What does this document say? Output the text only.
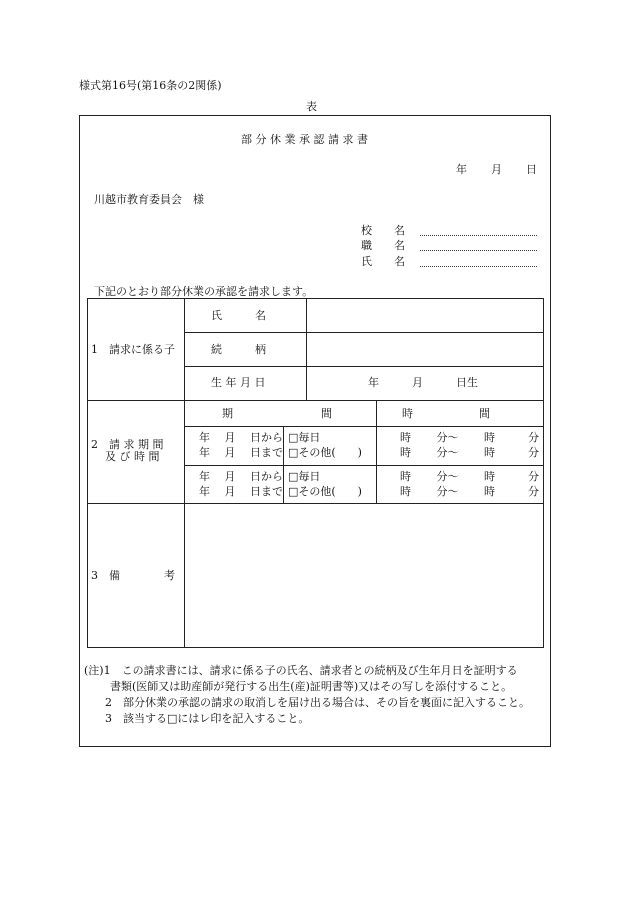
様式第16号(第16条の2関係)
表
部 分 休 業 承 認 請 求 書
年 月 日
川越市教育委員会　様
校　　名
職　　名
氏　　名
下記のとおり部分休業の承認を請求します。
1　請求に係る子
氏　　　名
続　　　柄
生 年 月 日	年　　　月　　　日生
2　請 求 期 間
及 び 時 間
期　　　　　　　　間	時　　　　　　間
年　 月　 日から
年　 月　 日まで
□毎日
□その他(　　)
時　　 分〜　　 時　　　分
時　　 分〜　　 時　　　分
年　 月　 日から
年　 月　 日まで
□毎日
□その他(　　)
時　　 分〜　　 時　　　分
時　　 分〜　　 時　　　分
3　備　　　　考
(注)1　この請求書には、請求に係る子の氏名、請求者との続柄及び生年月日を証明する
書類(医師又は助産師が発行する出生(産)証明書等)又はその写しを添付すること。
2　部分休業の承認の請求の取消しを届け出る場合は、その旨を裏面に記入すること。
3　該当する□にはレ印を記入すること。
